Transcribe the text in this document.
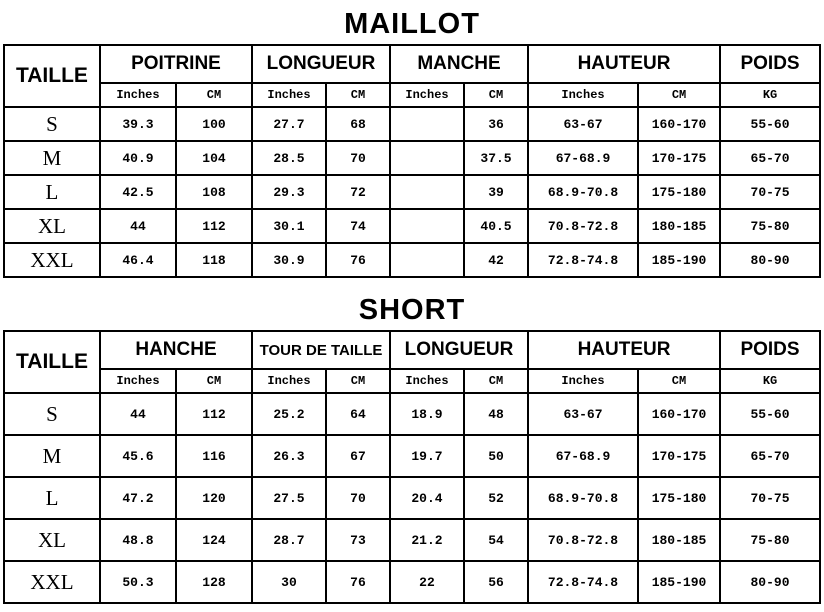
MAILLOT
TAILLE	POITRINE		LONGUEUR		MANCHE		HAUTEUR		POIDS
	Inches	CM	Inches	CM	Inches	CM	Inches	CM	KG
S	39.3	100	27.7	68		36	63-67	160-170	55-60
M	40.9	104	28.5	70		37.5	67-68.9	170-175	65-70
L	42.5	108	29.3	72		39	68.9-70.8	175-180	70-75
XL	44	112	30.1	74		40.5	70.8-72.8	180-185	75-80
XXL	46.4	118	30.9	76		42	72.8-74.8	185-190	80-90
SHORT
TAILLE	HANCHE		TOUR DE TAILLE		LONGUEUR		HAUTEUR		POIDS
	Inches	CM	Inches	CM	Inches	CM	Inches	CM	KG
S	44	112	25.2	64	18.9	48	63-67	160-170	55-60
M	45.6	116	26.3	67	19.7	50	67-68.9	170-175	65-70
L	47.2	120	27.5	70	20.4	52	68.9-70.8	175-180	70-75
XL	48.8	124	28.7	73	21.2	54	70.8-72.8	180-185	75-80
XXL	50.3	128	30	76	22	56	72.8-74.8	185-190	80-90
